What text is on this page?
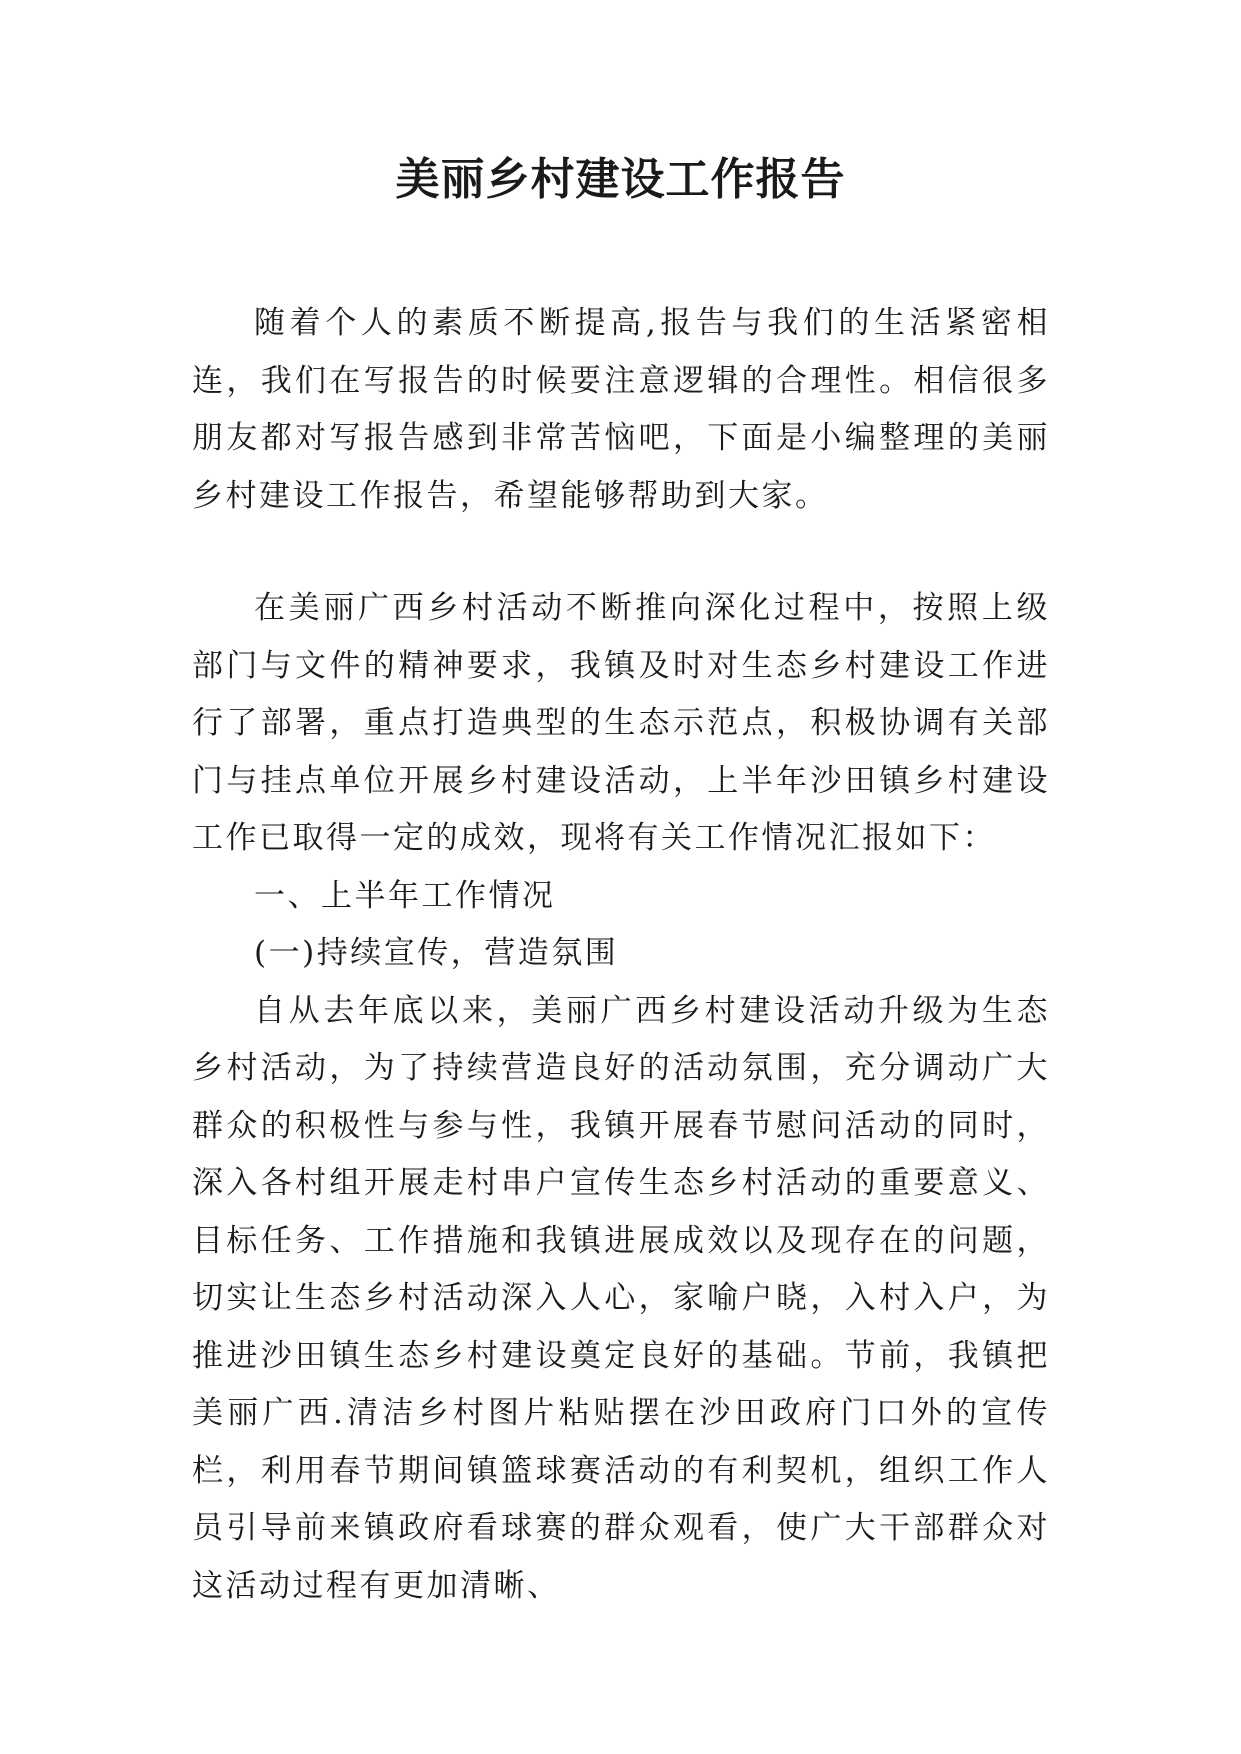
美丽乡村建设工作报告

随着个人的素质不断提高,报告与我们的生活紧密相连，我们在写报告的时候要注意逻辑的合理性。相信很多朋友都对写报告感到非常苦恼吧，下面是小编整理的美丽乡村建设工作报告，希望能够帮助到大家。

在美丽广西乡村活动不断推向深化过程中，按照上级部门与文件的精神要求，我镇及时对生态乡村建设工作进行了部署，重点打造典型的生态示范点，积极协调有关部门与挂点单位开展乡村建设活动，上半年沙田镇乡村建设工作已取得一定的成效，现将有关工作情况汇报如下：

一、上半年工作情况

(一)持续宣传，营造氛围

自从去年底以来，美丽广西乡村建设活动升级为生态乡村活动，为了持续营造良好的活动氛围，充分调动广大群众的积极性与参与性，我镇开展春节慰问活动的同时，深入各村组开展走村串户宣传生态乡村活动的重要意义、目标任务、工作措施和我镇进展成效以及现存在的问题，切实让生态乡村活动深入人心，家喻户晓，入村入户，为推进沙田镇生态乡村建设奠定良好的基础。节前，我镇把美丽广西.清洁乡村图片粘贴摆在沙田政府门口外的宣传栏，利用春节期间镇篮球赛活动的有利契机，组织工作人员引导前来镇政府看球赛的群众观看，使广大干部群众对这活动过程有更加清晰、
